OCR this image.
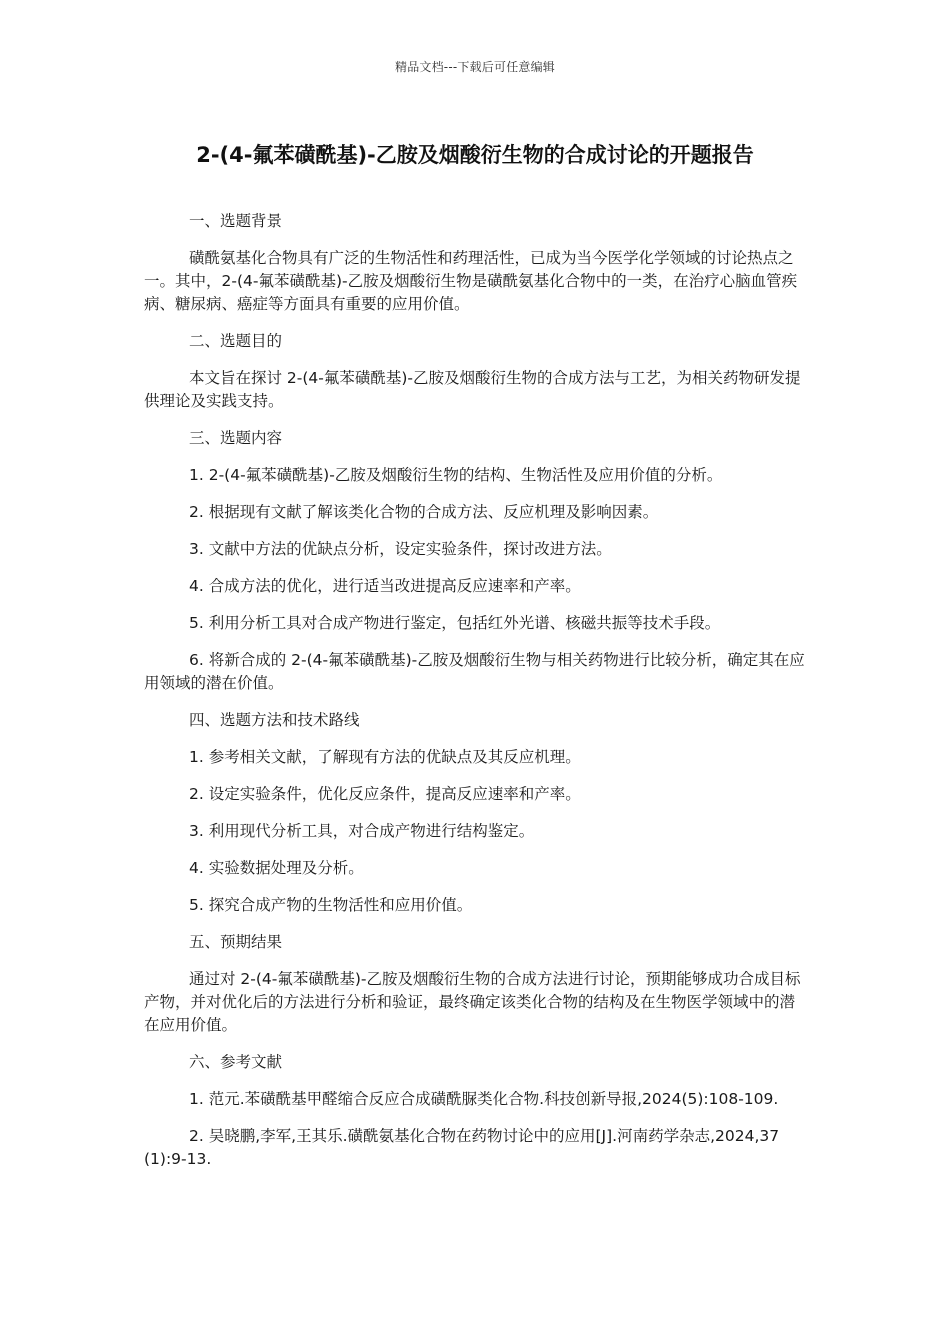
精品文档---下载后可任意编辑
2-(4-氟苯磺酰基)-乙胺及烟酸衍生物的合成讨论的开题报告

一、选题背景

磺酰氨基化合物具有广泛的生物活性和药理活性，已成为当今医学化学领域的讨论热点之一。其中，2-(4-氟苯磺酰基)-乙胺及烟酸衍生物是磺酰氨基化合物中的一类，在治疗心脑血管疾病、糖尿病、癌症等方面具有重要的应用价值。

二、选题目的

本文旨在探讨 2-(4-氟苯磺酰基)-乙胺及烟酸衍生物的合成方法与工艺，为相关药物研发提供理论及实践支持。

三、选题内容

1. 2-(4-氟苯磺酰基)-乙胺及烟酸衍生物的结构、生物活性及应用价值的分析。

2. 根据现有文献了解该类化合物的合成方法、反应机理及影响因素。

3. 文献中方法的优缺点分析，设定实验条件，探讨改进方法。

4. 合成方法的优化，进行适当改进提高反应速率和产率。

5. 利用分析工具对合成产物进行鉴定，包括红外光谱、核磁共振等技术手段。

6. 将新合成的 2-(4-氟苯磺酰基)-乙胺及烟酸衍生物与相关药物进行比较分析，确定其在应用领域的潜在价值。

四、选题方法和技术路线

1. 参考相关文献，了解现有方法的优缺点及其反应机理。

2. 设定实验条件，优化反应条件，提高反应速率和产率。

3. 利用现代分析工具，对合成产物进行结构鉴定。

4. 实验数据处理及分析。

5. 探究合成产物的生物活性和应用价值。

五、预期结果

通过对 2-(4-氟苯磺酰基)-乙胺及烟酸衍生物的合成方法进行讨论，预期能够成功合成目标产物，并对优化后的方法进行分析和验证，最终确定该类化合物的结构及在生物医学领域中的潜在应用价值。

六、参考文献

1. 范元.苯磺酰基甲醛缩合反应合成磺酰脲类化合物.科技创新导报,2024(5):108-109.

2. 吴晓鹏,李军,王其乐.磺酰氨基化合物在药物讨论中的应用[J].河南药学杂志,2024,37(1):9-13.
